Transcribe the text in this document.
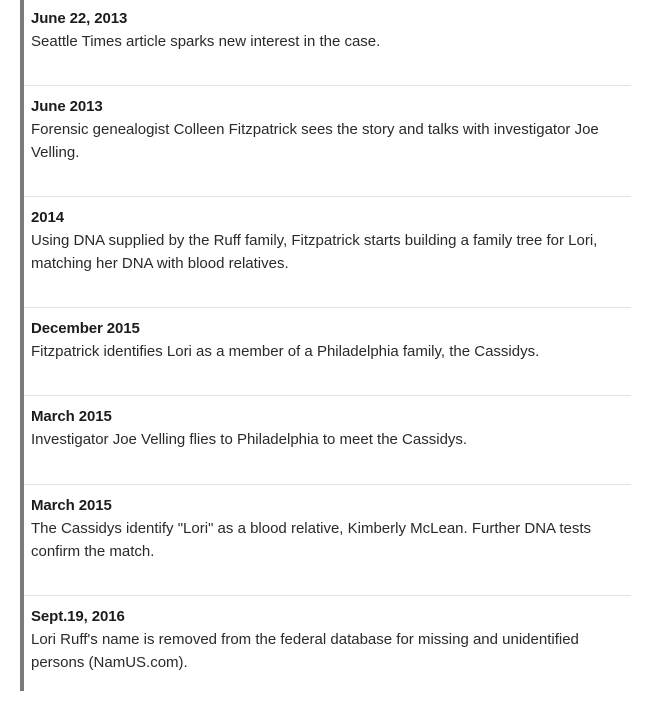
June 22, 2013
Seattle Times article sparks new interest in the case.
June 2013
Forensic genealogist Colleen Fitzpatrick sees the story and talks with investigator Joe Velling.
2014
Using DNA supplied by the Ruff family, Fitzpatrick starts building a family tree for Lori, matching her DNA with blood relatives.
December 2015
Fitzpatrick identifies Lori as a member of a Philadelphia family, the Cassidys.
March 2015
Investigator Joe Velling flies to Philadelphia to meet the Cassidys.
March 2015
The Cassidys identify "Lori" as a blood relative, Kimberly McLean. Further DNA tests confirm the match.
Sept.19, 2016
Lori Ruff's name is removed from the federal database for missing and unidentified persons (NamUS.com).
